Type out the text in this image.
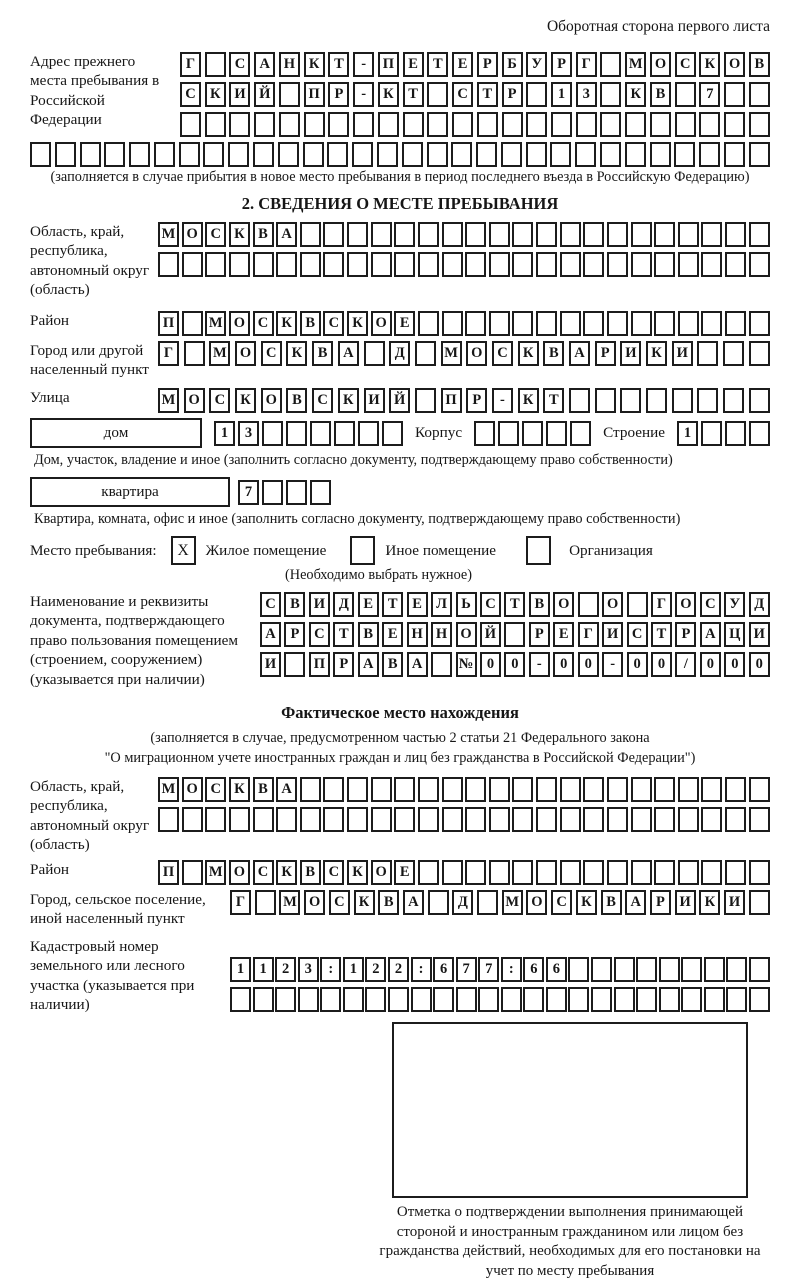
Оборотная сторона первого листа
Адрес прежнего места пребывания в Российской Федерации
Г	С А Н К	Т	-	П Е	Т	Е	Р	Б	У	Р	Г	М О С К О В
С К И Й	П	Р	-	К	Т	С	Т	Р	1	3	К	В	7
(заполняется в случае прибытия в новое место пребывания в период последнего въезда в Российскую Федерацию)
2. СВЕДЕНИЯ О МЕСТЕ ПРЕБЫВАНИЯ
Область, край, республика, автономный округ (область)
М О С К В А
Район	П	М О С К В С К О Е
Город или другой населенный пункт
Г	М О	С	К	В	А	Д	М О	С	К	В	А	Р	И	К	И
Улица	М О	С	К	О	В	С	К	И Й	П	Р	-	К	Т
дом	1	3	Корпус	Строение	1
Дом, участок, владение и иное (заполнить согласно документу, подтверждающему право собственности)
квартира	7
Квартира, комната, офис и иное (заполнить согласно документу, подтверждающему право собственности)
Место пребывания:	X	Жилое помещение	Иное помещение	Организация
(Необходимо выбрать нужное)
Наименование и реквизиты документа, подтверждающего право пользования помещением (строением, сооружением) (указывается при наличии)
С В И Д	Е	Т	Е Л Ь С Т	В О	О	Г О С У Д
А	Р	С Т	В	Е Н Н О Й	Р	Е	Г И С Т	Р	А Ц И
И	П Р	А В А	№ 0	0	-	0	0	-	0	0	/	0	0	0
Фактическое место нахождения
(заполняется в случае, предусмотренном частью 2 статьи 21 Федерального закона
"О миграционном учете иностранных граждан и лиц без гражданства в Российской Федерации")
Область, край, республика, автономный округ (область)
М О С К В А
Район	П	М О С К В С К О Е
Город, сельское поселение, иной населенный пункт
Г	М О С К	В	А	Д	М О С К	В	А	Р	И К И
Кадастровый номер земельного или лесного участка (указывается при наличии)
1	1	2	3	:	1	2	2	:	6	7	7	:	6	6
Отметка о подтверждении выполнения принимающей стороной и иностранным гражданином или лицом без гражданства действий, необходимых для его постановки на учет по месту пребывания
